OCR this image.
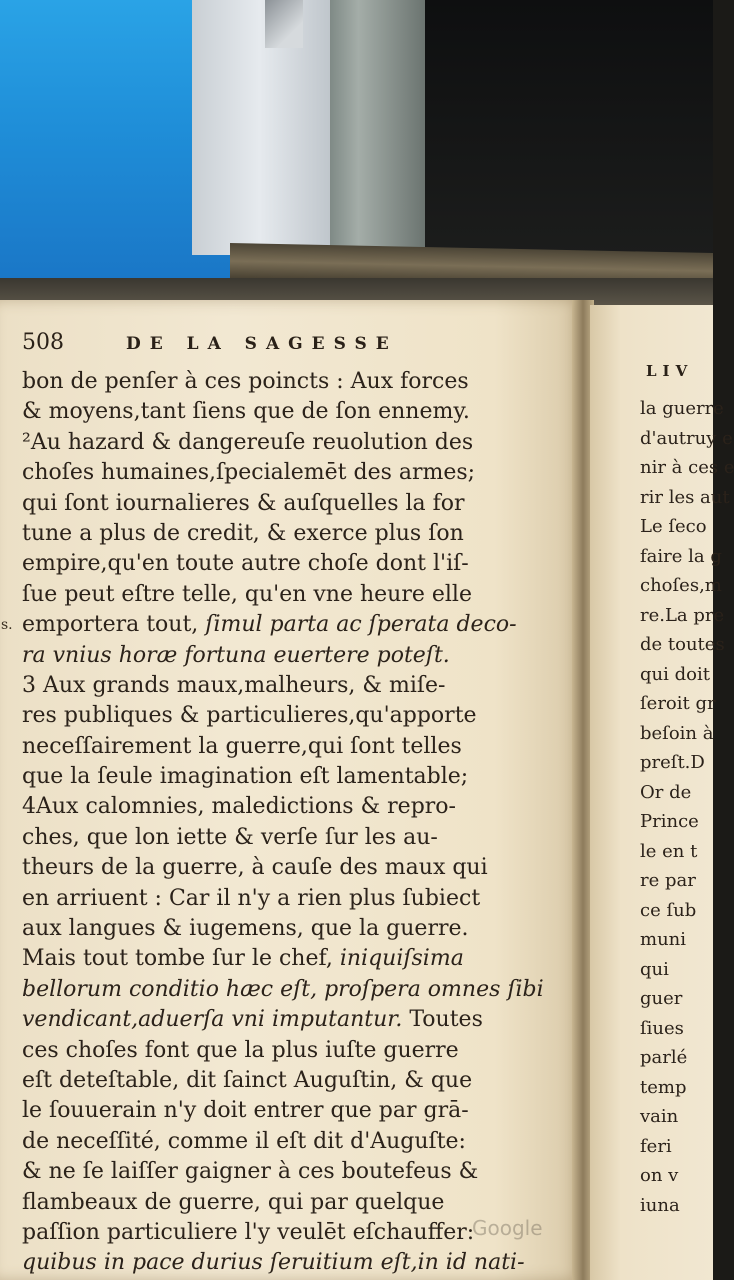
508	DE LA SAGESSE
bon de penſer à ces poincts : Aux forces
& moyens,tant ſiens que de ſon ennemy.
²Au hazard & dangereuſe reuolution des
choſes humaines,ſpecialemēt des armes;
qui ſont iournalieres & auſquelles la for
tune a plus de credit, & exerce plus ſon
empire,qu'en toute autre choſe dont l'iſ-
ſue peut eſtre telle, qu'en vne heure elle
emportera tout, ſimul parta ac ſperata deco-
ra vnius horæ fortuna euertere poteſt.
3 Aux grands maux,malheurs, & miſe-
res publiques & particulieres,qu'apporte
neceſſairement la guerre,qui ſont telles
que la ſeule imagination eſt lamentable;
4Aux calomnies, maledictions & repro-
ches, que lon iette & verſe ſur les au-
theurs de la guerre, à cauſe des maux qui
en arriuent : Car il n'y a rien plus ſubiect
aux langues & iugemens, que la guerre.
Mais tout tombe ſur le chef, iniquiſsima
bellorum conditio hæc eſt, proſpera omnes ſibi
vendicant,aduerſa vni imputantur. Toutes
ces choſes font que la plus iuſte guerre
eſt deteſtable, dit ſainct Auguſtin, & que
le ſouuerain n'y doit entrer que par grā-
de neceſſité, comme il eſt dit d'Auguſte:
& ne ſe laiſſer gaigner à ces boutefeus &
flambeaux de guerre, qui par quelque
paſſion particuliere l'y veulēt eſchauffer:
quibus in pace durius ſeruitium eſt,in id nati-
s.
Google
LIV
la guerre
d'autruy e
nir à ces e
rir les aut
Le ſeco
faire la g
choſes,m
re.La pre
de toutes
qui doit
ſeroit gr
beſoin à
preſt.D
Or de
Prince
le en t
re par
ce ſub
muni
qui
guer
ſiues
parlé
temp
vain
feri
on v
iuna
